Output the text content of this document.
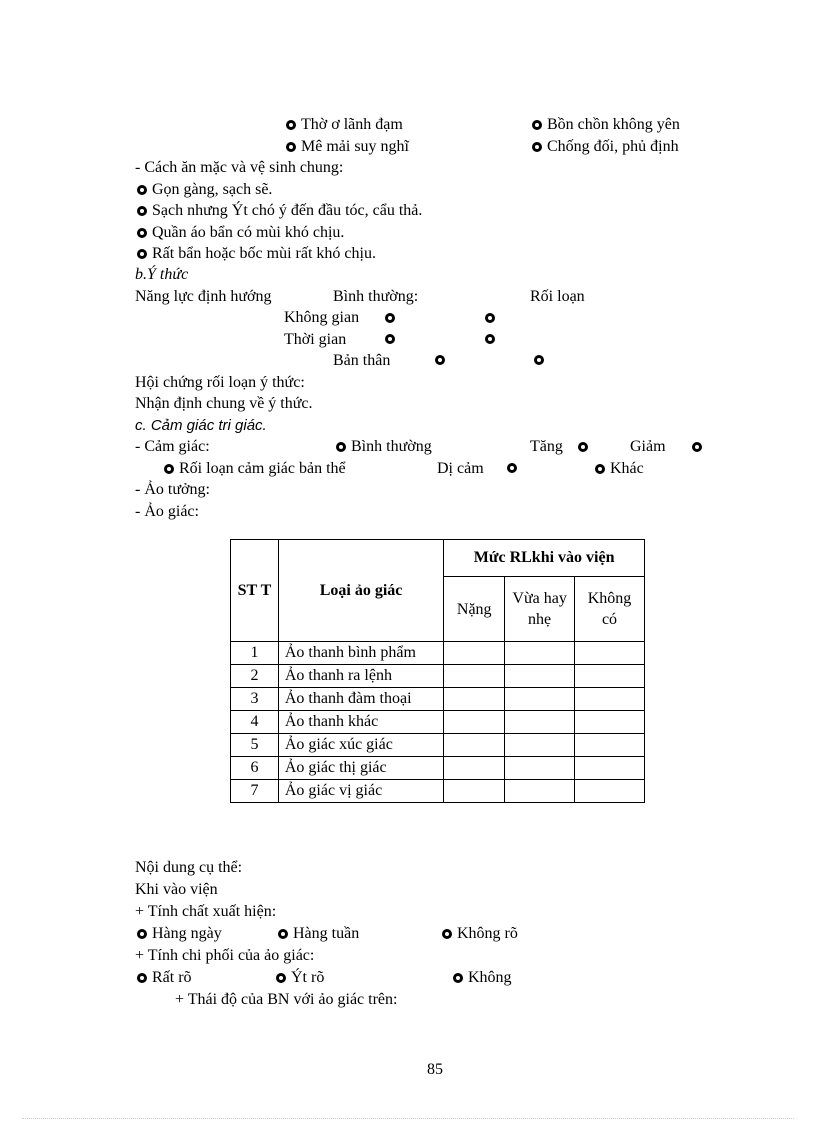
Thờ ơ lãnh đạm	Bồn chồn không yên
Mê mải suy nghĩ	Chống đối, phủ định
- Cách ăn mặc và vệ sinh chung:
Gọn gàng, sạch sẽ.
Sạch nhưng Ýt chó ý đến đầu tóc, cẩu thả.
Quần áo bẩn có mùi khó chịu.
Rất bẩn hoặc bốc mùi rất khó chịu.
b.Ý thức
Năng lực định hướng	Bình thường:	Rối loạn
Không gian
Thời gian
Bản thân
Hội chứng rối loạn ý thức:
Nhận định chung về ý thức.
c. Cảm giác tri giác.
- Cảm giác:	Bình thường	Tăng	Giảm
Rối loạn cảm giác bản thể	Dị cảm	Khác
- Ảo tưởng:
- Ảo giác:
ST T	Loại ảo giác	Mức RLkhi vào viện		
		Nặng	Vừa hay nhẹ	Không có
1	Ảo thanh bình phẩm			
2	Ảo thanh ra lệnh			
3	Ảo thanh đàm thoại			
4	Ảo thanh khác			
5	Ảo giác xúc giác			
6	Ảo giác thị giác			
7	Ảo giác vị giác			
Nội dung cụ thể:
Khi vào viện
+ Tính chất xuất hiện:
Hàng ngày	Hàng tuần	Không rõ
+ Tính chi phối của ảo giác:
Rất rõ	Ýt rõ	Không
+ Thái độ của BN với ảo giác trên:
85
